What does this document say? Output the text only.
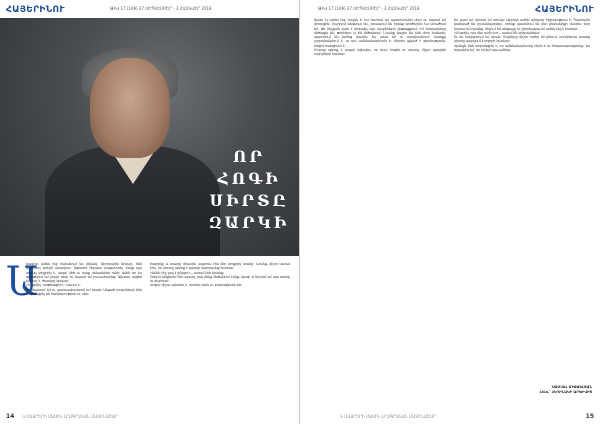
ՀԱՅԵՐԻՆՈՒ	ԹԻՎ 17 (109) 27 ՍԵՊՏԵՄԲԵՐ - 3 ՀԱՍԿՎԵՐ 2018
ՈՐ
ՀՈԳԻ
ՍԻՐՏԸ
ԶԱՐԿԻ
Ա
ռավոտ ամեն ինչ ինձանում եմ մենակ: Գիշերային երկար, ինձ դանդաղ օրերի առավոտ: Չգիտեմ ինչպես բացատրել, բայց այս տունը փոքրիկ է, ապա մեծ ու տաք սենյակներ ունի: Ամեն օր ես զարթնում եմ լույսի հետ ու նայում եմ լուսամուտից: Այնտեղ այգին կանաչ է, ծառերը երկար:
«Մայրիկ, արթնացիր»,- ասում է:
Ես ժպտում եմ ու պատասխանում եմ նրան: Անցած տարիներն ինձ սովորեցրել են համբերություն ու սեր:
հայրիկը և տատը միասին ապրում էին մեր փոքրիկ տանը: Նրանք միշտ ասում էին, որ սիրտը պետք է զարկի մարդկանց համար:
«Ամեն ինչ լավ է լինելու»,- ասում էին նրանք:
Օրերն անցնում էին արագ, իսկ մենք մեծանում էինք: Այսօր էլ հիշում եմ այդ օրերը ու ժպտում:
Հոգիս միշտ այնտեղ է, որտեղ սերն ու բարությունն են:
14 Կ ՄԱՅՐԵՐԻ ՄԱՍԻՆ ԼՐԱԳՐԱԿԱՆ ՄԱՏԵՆԱՇԱՐ
ԹԻՎ 17 (109) 27 ՍԵՊՏԵՄԲԵՐ - 3 ՀԱՍԿՎԵՐ 2018	ՀԱՅԵՐԻՆՈՒ
Այսօր էլ ամեն ինչ նույնն է: Ես նստում եմ պատուհանի մոտ ու նայում եմ փողոցին: Մարդիկ անցնում են, շտապում են իրենց գործերին: Ես մտածում եմ, թե ինչքան բան է փոխվել այս տարիների ընթացքում: Իմ երեխաները մեծացել են, թոռներս էլ են մեծանում: Նրանք գալիս են ինձ մոտ հաճախ, պատմում են իրենց մասին: Ես լսում եմ ու ուրախանում: Կյանքը շարունակվում է, ու դա ամենակարևորն է: Սիրտս լցված է ջերմությամբ, հոգիս հանգիստ է:
Մարդը պետք է ապրի այնպես, որ նրա հոգին ու սիրտը միշտ զարկեն ուրիշների համար:
Ես շատ եմ սիրում իմ տունը: Այստեղ ամեն անկյուն հիշողություն է: Պատերին կախված են լուսանկարներ, որոնք պատմում են մեր ընտանիքի մասին: Երբ նայում եմ դրանց, հիշում եմ անցյալը ու շնորհակալ եմ ամեն ինչի համար:
«Մայրիկ, դու մեր ուժն ես»,- ասում են երեխաներս:
Ու ես հավատում եմ դրան: Մայրերը միշտ ուժեղ են լինում, որովհետև նրանց սիրտը զարկում է բոլորի համար:
Կյանքն ինձ սովորեցրել է, որ ամենակարևորը սերն է ու հոգատարությունը: Ես երջանիկ եմ, որ ունեմ այս ամենը:
ՍԱՄՎԵԼ ՄԻՔԱԵԼՅԱՆ
Լուս.՝ ՀԵՂԻՆԱԿԻ ԱՐԽԻՎԻՑ
Կ ՄԱՅՐԵՐԻ ՄԱՍԻՆ ԼՐԱԳՐԱԿԱՆ ՄԱՏԵՆԱՇԱՐ	15
